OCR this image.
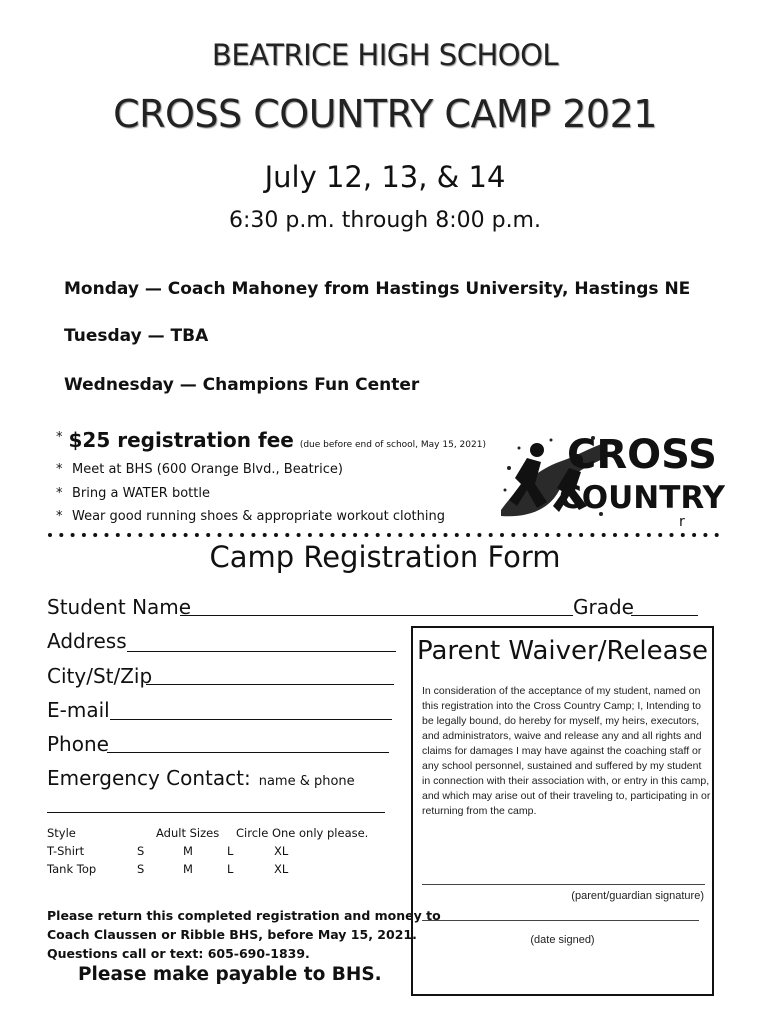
BEATRICE HIGH SCHOOL
CROSS COUNTRY CAMP 2021
July 12, 13, & 14
6:30 p.m. through 8:00 p.m.
Monday — Coach Mahoney from Hastings University, Hastings NE
Tuesday — TBA
Wednesday — Champions Fun Center
* $25 registration fee (due before end of school, May 15, 2021)
* Meet at BHS (600 Orange Blvd., Beatrice)
* Bring a WATER bottle
* Wear good running shoes & appropriate workout clothing
CROSS
COUNTRY
r
Camp Registration Form
Student Name	Grade
Address
City/St/Zip
E-mail
Phone
Emergency Contact: name & phone
Style	Adult Sizes Circle One only please.
T-Shirt	S	M	L	XL
Tank Top	S	M	L	XL
Please return this completed registration and money to
Coach Claussen or Ribble BHS, before May 15, 2021.
Questions call or text: 605-690-1839.
Please make payable to BHS.
Parent Waiver/Release
In consideration of the acceptance of my student, named on this registration into the Cross Country Camp; I, Intending to be legally bound, do hereby for myself, my heirs, executors, and administrators, waive and release any and all rights and claims for damages I may have against the coaching staff or any school personnel, sustained and suffered by my student in connection with their association with, or entry in this camp, and which may arise out of their traveling to, participating in or returning from the camp.
(parent/guardian signature)
(date signed)
